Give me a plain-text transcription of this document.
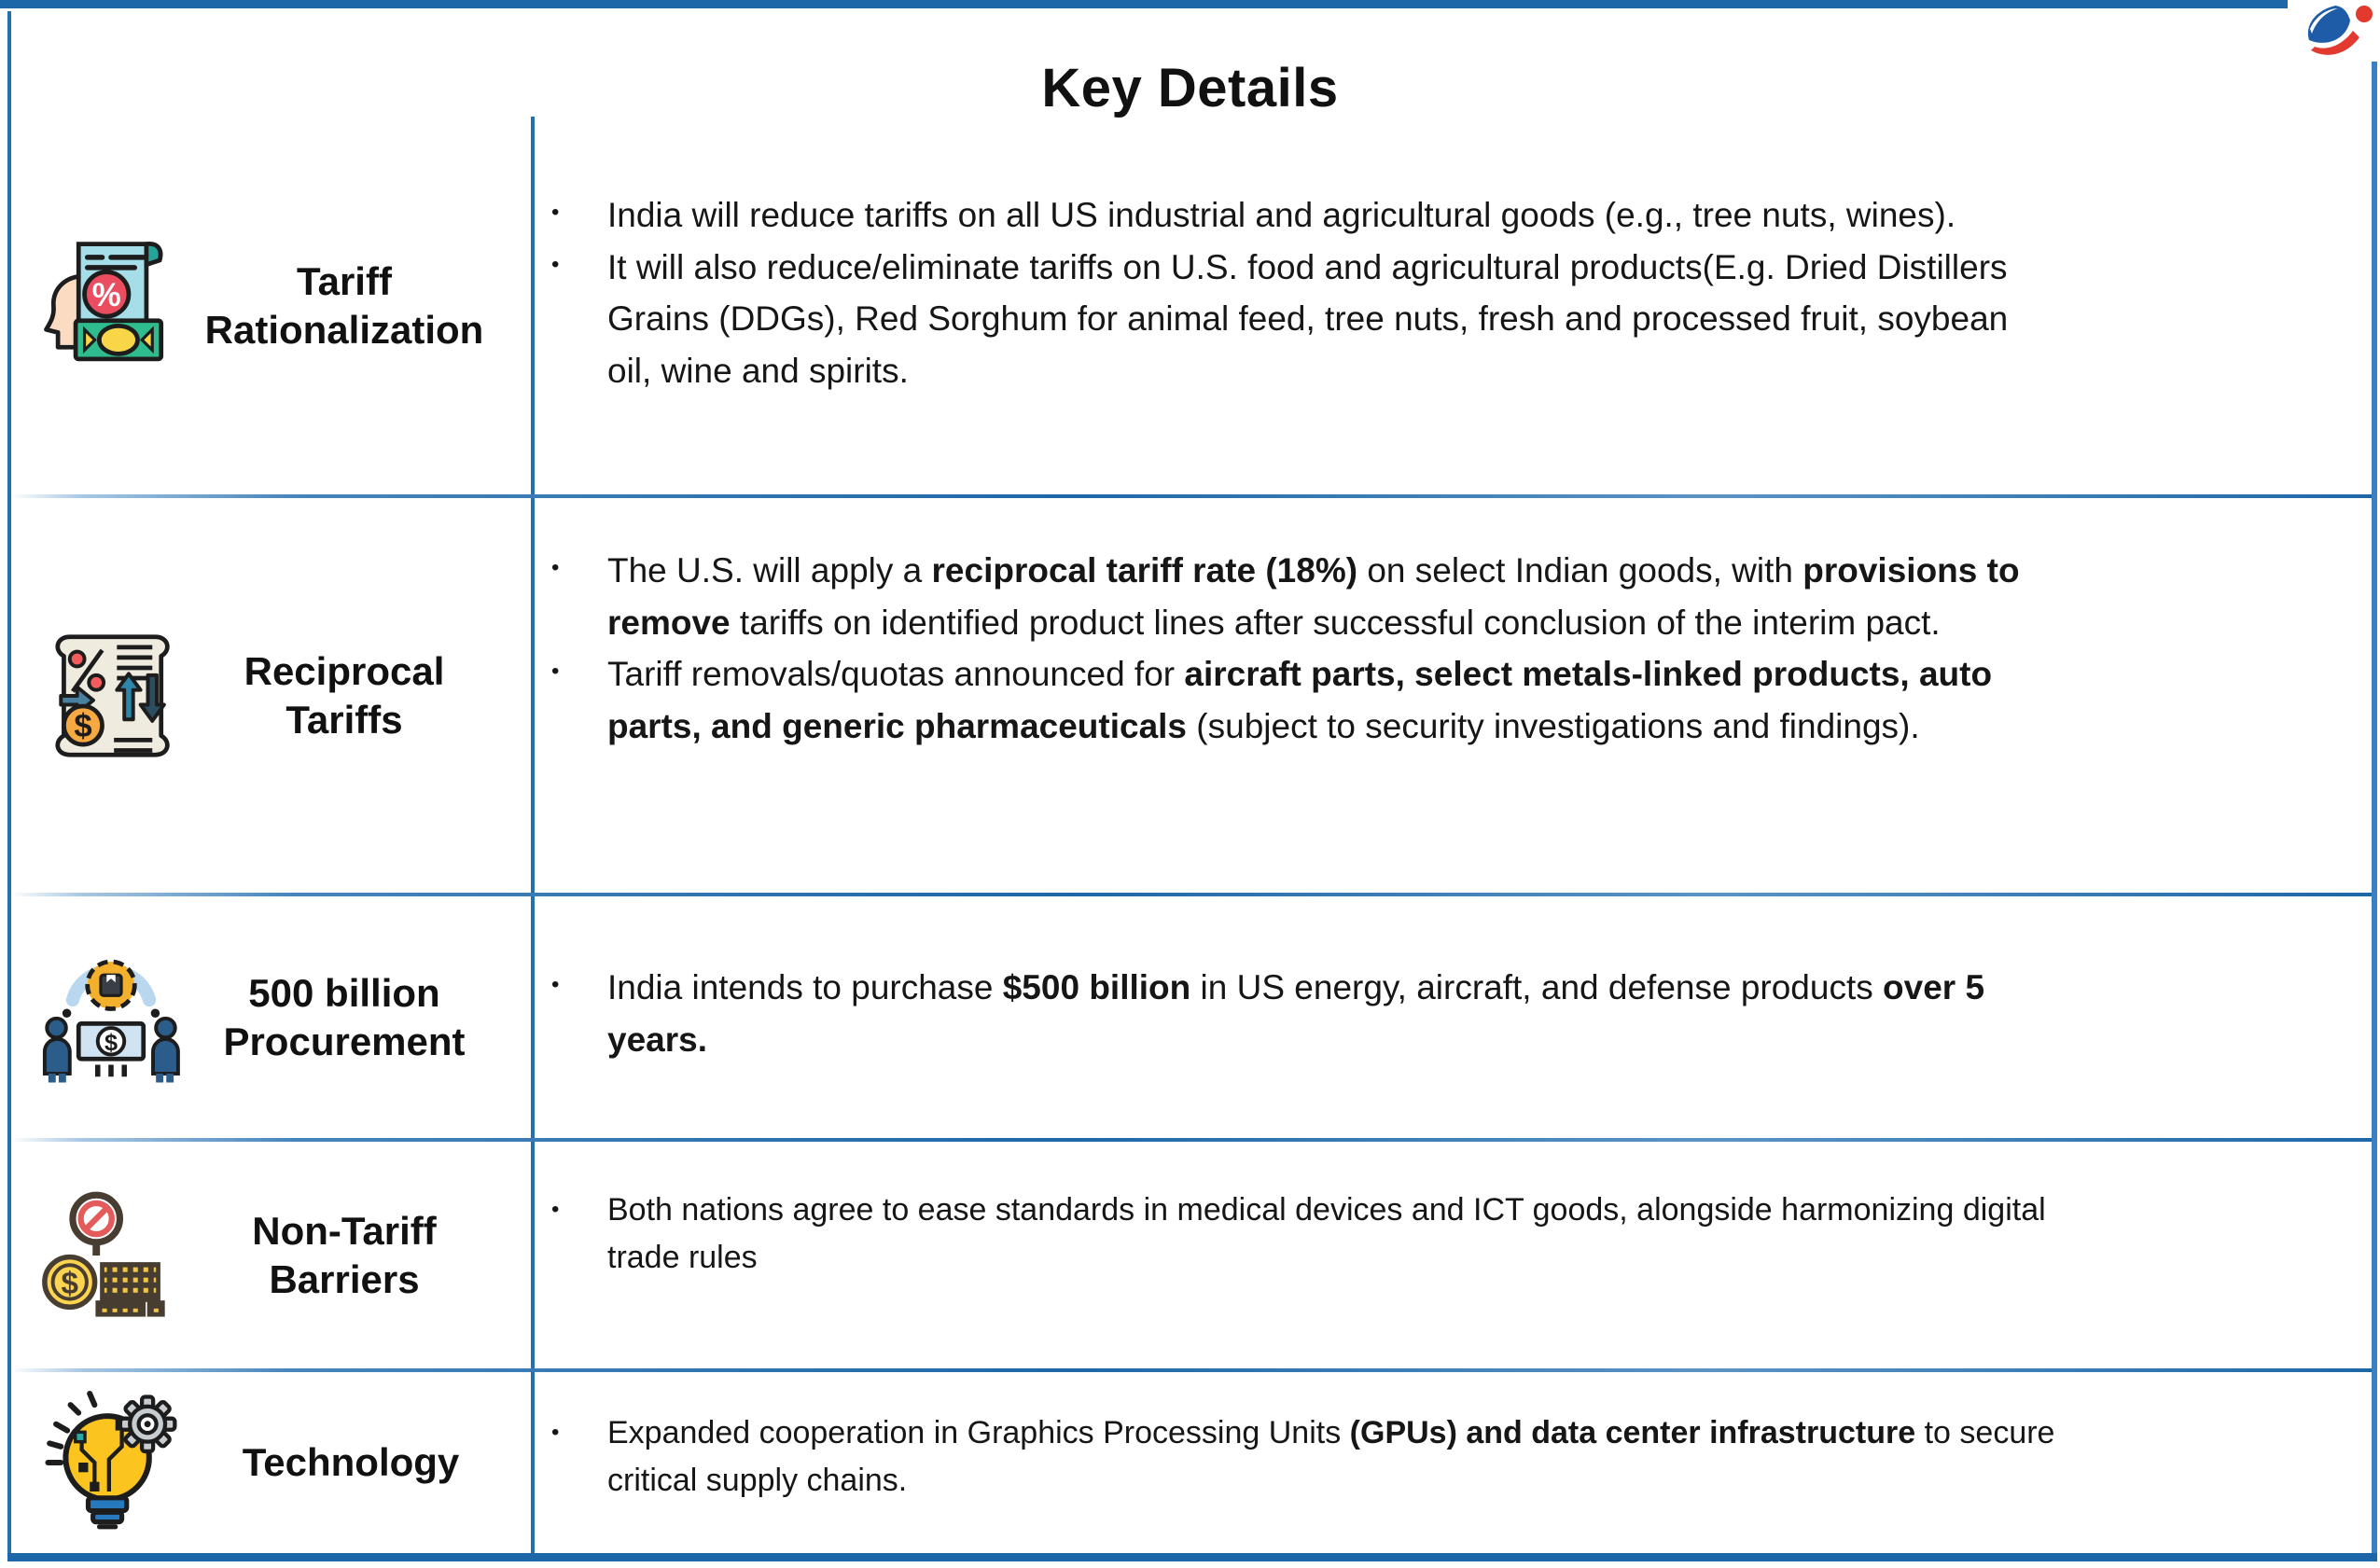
Key Details
%	Tariff Rationalization
•	India will reduce tariffs on all US industrial and agricultural goods (e.g., tree nuts, wines).
•	It will also reduce/eliminate tariffs on U.S. food and agricultural products(E.g. Dried Distillers Grains (DDGs), Red Sorghum for animal feed, tree nuts, fresh and processed fruit, soybean oil, wine and spirits.
$
Reciprocal Tariffs
•	The U.S. will apply a reciprocal tariff rate (18%) on select Indian goods, with provisions to remove tariffs on identified product lines after successful conclusion of the interim pact.
•	Tariff removals/quotas announced for aircraft parts, select metals-linked products, auto parts, and generic pharmaceuticals (subject to security investigations and findings).
$
500 billion Procurement
•	India intends to purchase $500 billion in US energy, aircraft, and defense products over 5 years.
$
Non-Tariff Barriers
•	Both nations agree to ease standards in medical devices and ICT goods, alongside harmonizing digital trade rules
Technology
•	Expanded cooperation in Graphics Processing Units (GPUs) and data center infrastructure to secure critical supply chains.
